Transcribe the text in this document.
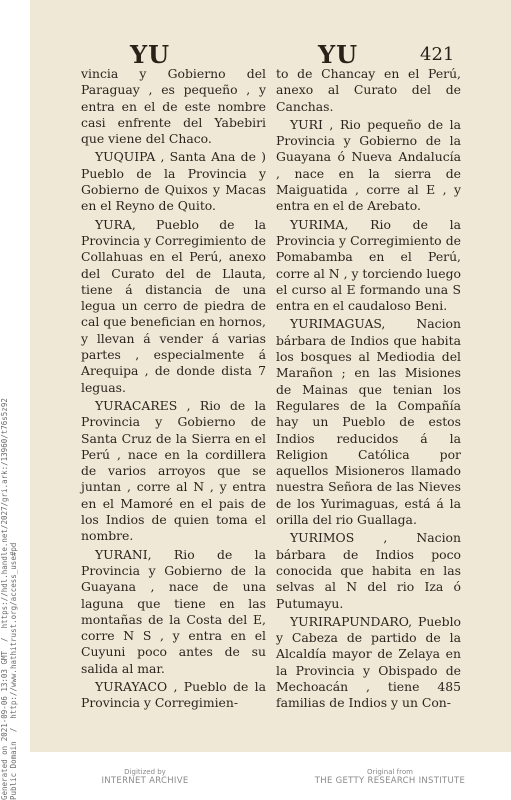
YU	YU	421

vincia y Gobierno del Paraguay , es pequeño , y entra en el de este nombre casi enfrente del Yabebiri que viene del Chaco.

YUQUIPA , Santa Ana de ) Pueblo de la Provincia y Gobierno de Quixos y Macas en el Reyno de Quito.

YURA, Pueblo de la Provincia y Corregimiento de Collahuas en el Perú, anexo del Curato del de Llauta, tiene á distancia de una legua un cerro de piedra de cal que benefician en hornos, y llevan á vender á varias partes , especialmente á Arequipa , de donde dista 7 leguas.

YURACARES , Rio de la Provincia y Gobierno de Santa Cruz de la Sierra en el Perú , nace en la cordillera de varios arroyos que se juntan , corre al N , y entra en el Mamoré en el pais de los Indios de quien toma el nombre.

YURANI, Rio de la Provincia y Gobierno de la Guayana , nace de una laguna que tiene en las montañas de la Costa del E, corre N S , y entra en el Cuyuni poco antes de su salida al mar.

YURAYACO , Pueblo de la Provincia y Corregimien-

to de Chancay en el Perú, anexo al Curato del de Canchas.

YURI , Rio pequeño de la Provincia y Gobierno de la Guayana ó Nueva Andalucía , nace en la sierra de Maiguatida , corre al E , y entra en el de Arebato.

YURIMA, Rio de la Provincia y Corregimiento de Pomabamba en el Perú, corre al N , y torciendo luego el curso al E formando una S entra en el caudaloso Beni.

YURIMAGUAS, Nacion bárbara de Indios que habita los bosques al Mediodia del Marañon ; en las Misiones de Mainas que tenian los Regulares de la Compañía hay un Pueblo de estos Indios reducidos á la Religion Católica por aquellos Misioneros llamado nuestra Señora de las Nieves de los Yurimaguas, está á la orilla del rio Guallaga.

YURIMOS , Nacion bárbara de Indios poco conocida que habita en las selvas al N del rio Iza ó Putumayu.

YURIRAPUNDARO, Pueblo y Cabeza de partido de la Alcaldía mayor de Zelaya en la Provincia y Obispado de Mechoacán , tiene 485 familias de Indios y un Con-

Generated on 2021-09-06 13:03 GMT  /  https://hdl.handle.net/2027/gri.ark:/13960/t76s5z92
Public Domain  /  http://www.hathitrust.org/access_use#pd	Digitized by
INTERNET ARCHIVE
Original from
THE GETTY RESEARCH INSTITUTE
